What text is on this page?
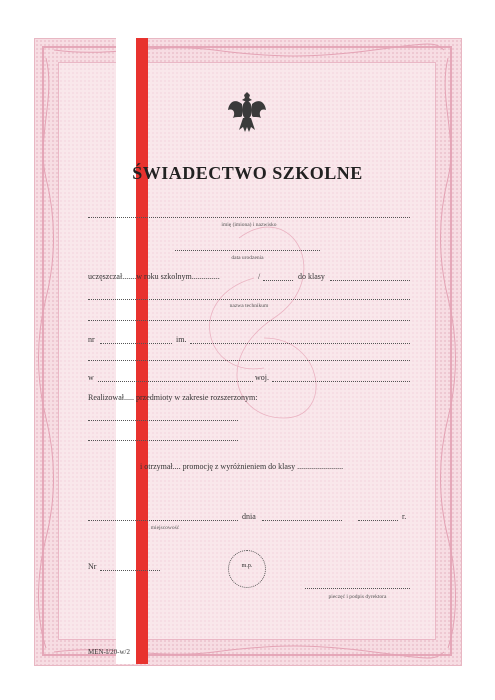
ŚWIADECTWO SZKOLNE
imię (imiona) i nazwisko
data urodzenia
uczęszczał.......w roku szkolnym..............	/	do klasy
nazwa technikum
nr	im.
w	woj.
Realizował..... przedmioty w zakresie rozszerzonym:
i otrzymał.... promocję z wyróżnieniem do klasy .......................
miejscowość
dnia	r.
m.p.
Nr
pieczęć i podpis dyrektora
MEN-I/20-w/2
